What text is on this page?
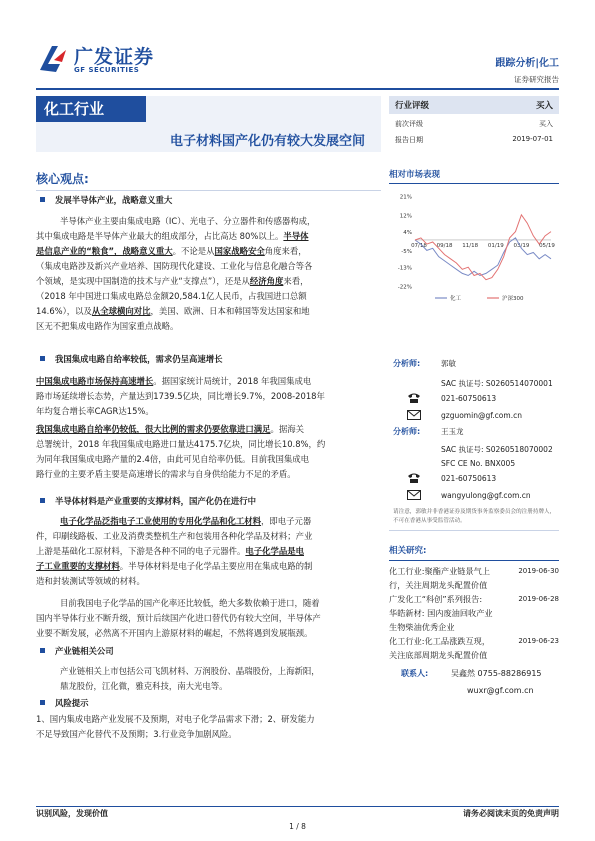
广发证券
GF SECURITIES
跟踪分析|化工
证券研究报告
化工行业
电子材料国产化仍有较大发展空间
行业评级	买入
前次评级	买入
报告日期	2019-07-01
核心观点:
发展半导体产业，战略意义重大
半导体产业主要由集成电路（IC）、光电子、分立器件和传感器构成，
其中集成电路是半导体产业最大的组成部分，占比高达 80%以上。半导体
是信息产业的“粮食”，战略意义重大。不论是从国家战略安全角度来看，
（集成电路涉及新兴产业培养、国防现代化建设、工业化与信息化融合等各
个领域，是实现中国制造的技术与产业“支撑点”），还是从经济角度来看，
（2018 年中国进口集成电路总金额20,584.1亿人民币，占我国进口总额
14.6%），以及从全球横向对比，美国、欧洲、日本和韩国等发达国家和地
区无不把集成电路作为国家重点战略。
我国集成电路自给率较低，需求仍呈高速增长
中国集成电路市场保持高速增长。据国家统计局统计，2018 年我国集成电
路市场延续增长态势，产量达到1739.5亿块，同比增长9.7%，2008-2018年
年均复合增长率CAGR达15%。
我国集成电路自给率仍较低，很大比例的需求仍要依靠进口满足。据海关
总署统计，2018 年我国集成电路进口量达4175.7亿块，同比增长10.8%，约
为同年我国集成电路产量的2.4倍，由此可见自给率仍低。目前我国集成电
路行业的主要矛盾主要是高速增长的需求与自身供给能力不足的矛盾。
半导体材料是产业重要的支撑材料，国产化仍在进行中
电子化学品泛指电子工业使用的专用化学品和化工材料，即电子元器
件，印刷线路板、工业及消费类整机生产和包装用各种化学品及材料；产业
上游是基础化工原材料，下游是各种不同的电子元器件。电子化学品是电
子工业重要的支撑材料。半导体材料是电子化学品主要应用在集成电路的制
造和封装测试等领域的材料。
目前我国电子化学品的国产化率还比较低，绝大多数依赖于进口，随着
国内半导体行业不断升级，预计后续国产化进口替代仍有较大空间，半导体产
业要不断发展，必然离不开国内上游原材料的崛起，不然将遇到发展瓶颈。
产业链相关公司
产业链相关上市包括公司飞凯材料、万润股份、晶瑞股份，上海新阳，
鼎龙股份，江化微，雅克科技，南大光电等。
风险提示
1、国内集成电路产业发展不及预期，对电子化学品需求下滑；2、研发能力
不足导致国产化替代不及预期；3.行业竞争加剧风险。
相对市场表现
21%
12%
4%
-5%
-13%
-22%
07/18 09/18 11/18 01/19 03/19 05/19
化工	沪深300
分析师:	郭敏
SAC 执证号: S0260514070001
021-60750613
gzguomin@gf.com.cn
分析师:	王玉龙
SAC 执证号: S0260518070002
SFC CE No. BNX005
021-60750613
wangyulong@gf.com.cn
请注意，郭敏并非香港证券及期货事务监察委员会的注册持牌人，不可在香港从事受监管活动。
相关研究:
化工行业:聚酯产业链景气上	2019-06-30
行，关注周期龙头配置价值
广发化工“科创”系列报告:	2019-06-28
华皓新材: 国内废油回收产业
生物柴油优秀企业
化工行业:化工品涨跌互现，	2019-06-23
关注底部周期龙头配置价值
联系人:	吴鑫然 0755-88286915
wuxr@gf.com.cn
识别风险，发现价值	请务必阅读末页的免责声明
1 / 8
